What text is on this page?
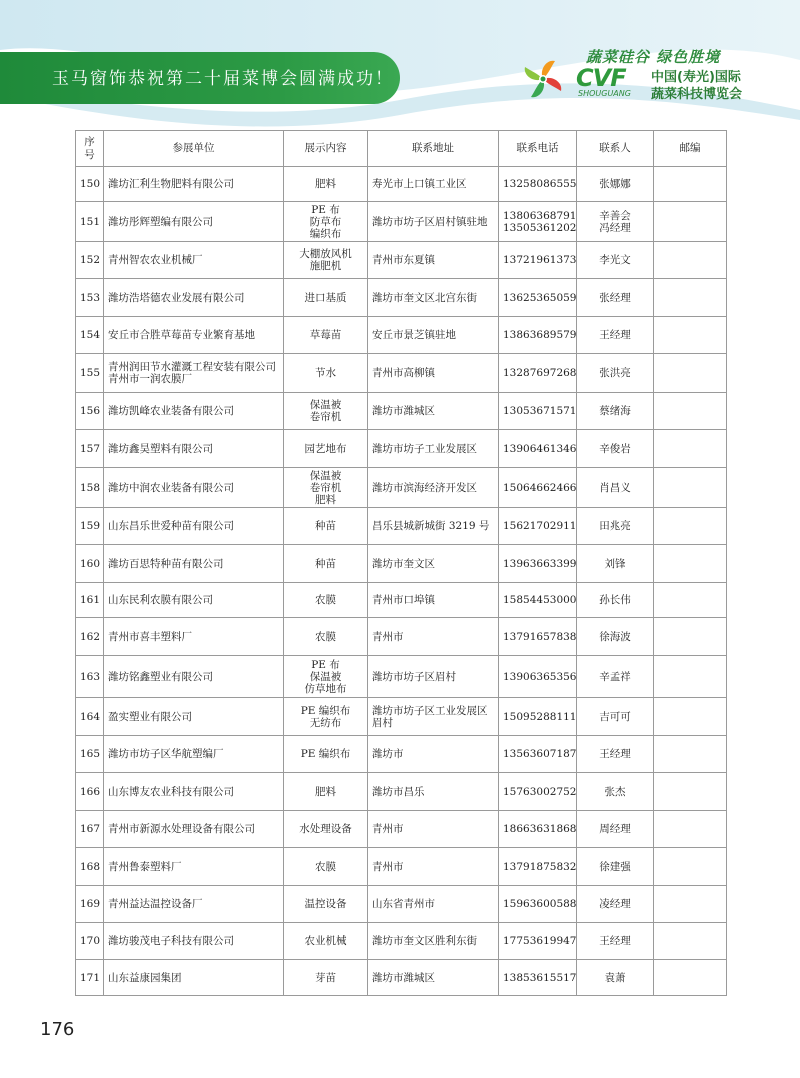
玉马窗饰恭祝第二十届菜博会圆满成功！
蔬菜硅谷 绿色胜境
CVF
SHOUGUANG
中国(寿光)国际
蔬菜科技博览会
序号	参展单位	展示内容	联系地址	联系电话	联系人	邮编
150	潍坊汇利生物肥料有限公司	肥料	寿光市上口镇工业区	13258086555	张娜娜	
151	潍坊彤辉塑编有限公司	PE 布
防草布
编织布	潍坊市坊子区眉村镇驻地	13806368791
13505361202	辛善会
冯经理	
152	青州智农农业机械厂	大棚放风机
施肥机	青州市东夏镇	13721961373	李光文	
153	潍坊浩塔德农业发展有限公司	进口基质	潍坊市奎文区北宫东街	13625365059	张经理	
154	安丘市合胜草莓苗专业繁育基地	草莓苗	安丘市景芝镇驻地	13863689579	王经理	
155	青州润田节水灌溉工程安装有限公司
青州市一润农膜厂	节水	青州市高柳镇	13287697268	张洪亮	
156	潍坊凯峰农业装备有限公司	保温被
卷帘机	潍坊市潍城区	13053671571	蔡绪海	
157	潍坊鑫昊塑料有限公司	园艺地布	潍坊市坊子工业发展区	13906461346	辛俊岩	
158	潍坊中润农业装备有限公司	保温被
卷帘机
肥料	潍坊市滨海经济开发区	15064662466	肖昌义	
159	山东昌乐世爱种苗有限公司	种苗	昌乐县城新城街 3219 号	15621702911	田兆亮	
160	潍坊百思特种苗有限公司	种苗	潍坊市奎文区	13963663399	刘锋	
161	山东民利农膜有限公司	农膜	青州市口埠镇	15854453000	孙长伟	
162	青州市喜丰塑料厂	农膜	青州市	13791657838	徐海波	
163	潍坊铭鑫塑业有限公司	PE 布
保温被
仿草地布	潍坊市坊子区眉村	13906365356	辛孟祥	
164	盈实塑业有限公司	PE 编织布
无纺布	潍坊市坊子区工业发展区眉村	15095288111	吉可可	
165	潍坊市坊子区华航塑编厂	PE 编织布	潍坊市	13563607187	王经理	
166	山东博友农业科技有限公司	肥料	潍坊市昌乐	15763002752	张杰	
167	青州市新源水处理设备有限公司	水处理设备	青州市	18663631868	周经理	
168	青州鲁泰塑料厂	农膜	青州市	13791875832	徐建强	
169	青州益达温控设备厂	温控设备	山东省青州市	15963600588	凌经理	
170	潍坊骏茂电子科技有限公司	农业机械	潍坊市奎文区胜利东街	17753619947	王经理	
171	山东益康园集团	芽苗	潍坊市潍城区	13853615517	袁萧	
176
